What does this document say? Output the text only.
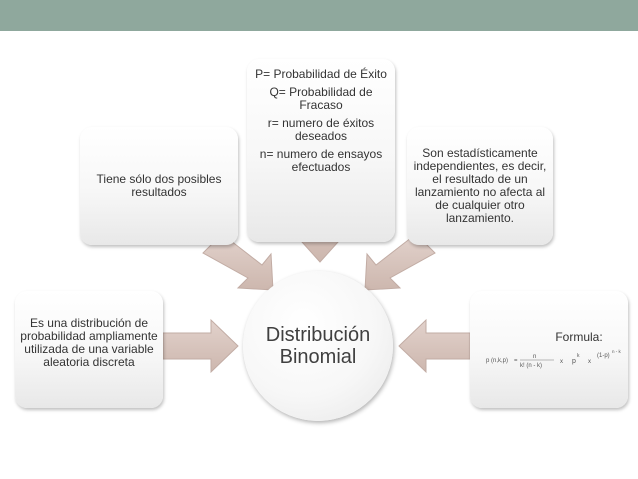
P= Probabilidad de Éxito

Q= Probabilidad de Fracaso

r= numero de éxitos deseados

n= numero de ensayos efectuados

Tiene sólo dos posibles resultados

Son estadísticamente independientes, es decir, el resultado de un lanzamiento no afecta al de cualquier otro lanzamiento.

Es una distribución de probabilidad ampliamente utilizada de una variable aleatoria discreta

Formula:

p (n,k,p) =
n
k! (n - k)
x p
k
x
(1-p)
n - k
Distribución
Binomial
